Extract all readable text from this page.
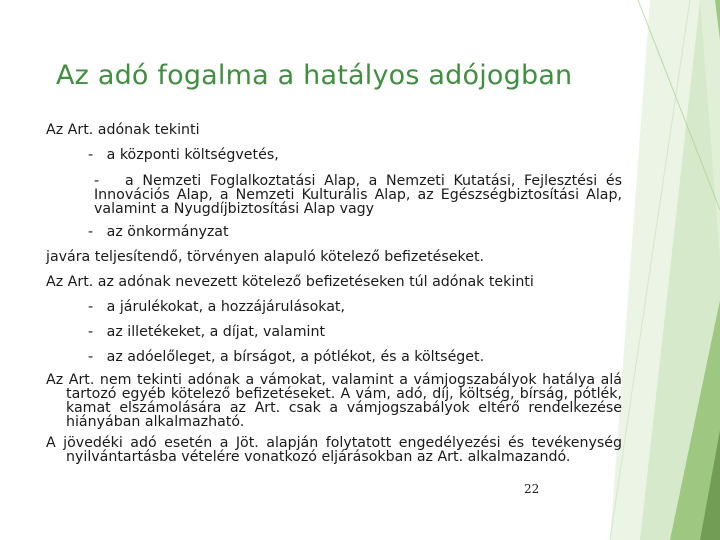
Az adó fogalma a hatályos adójogban

Az Art. adónak tekinti

-   a központi költségvetés,

-   a Nemzeti Foglalkoztatási Alap, a Nemzeti Kutatási, Fejlesztési és Innovációs Alap, a Nemzeti Kulturális Alap, az Egészségbiztosítási Alap, valamint a Nyugdíjbiztosítási Alap vagy

-   az önkormányzat

javára teljesítendő, törvényen alapuló kötelező befizetéseket.

Az Art. az adónak nevezett kötelező befizetéseken túl adónak tekinti

-   a járulékokat, a hozzájárulásokat,

-   az illetékeket, a díjat, valamint

-   az adóelőleget, a bírságot, a pótlékot, és a költséget.

Az Art. nem tekinti adónak a vámokat, valamint a vámjogszabályok hatálya alá tartozó egyéb kötelező befizetéseket. A vám, adó, díj, költség, bírság, pótlék, kamat elszámolására az Art. csak a vámjogszabályok eltérő rendelkezése hiányában alkalmazható.

A jövedéki adó esetén a Jöt. alapján folytatott engedélyezési és tevékenység nyilvántartásba vételére vonatkozó eljárásokban az Art. alkalmazandó.

22
